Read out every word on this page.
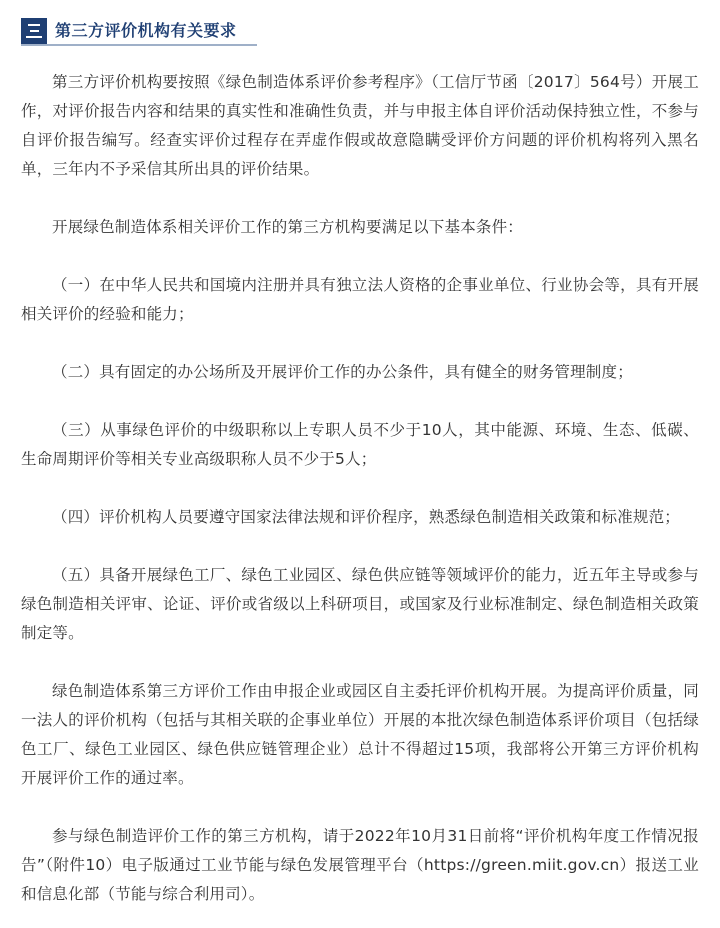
第三方评价机构有关要求

第三方评价机构要按照《绿色制造体系评价参考程序》（工信厅节函〔2017〕564号）开展工作，对评价报告内容和结果的真实性和准确性负责，并与申报主体自评价活动保持独立性，不参与自评价报告编写。经查实评价过程存在弄虚作假或故意隐瞒受评价方问题的评价机构将列入黑名单，三年内不予采信其所出具的评价结果。

开展绿色制造体系相关评价工作的第三方机构要满足以下基本条件：

（一）在中华人民共和国境内注册并具有独立法人资格的企事业单位、行业协会等，具有开展相关评价的经验和能力；

（二）具有固定的办公场所及开展评价工作的办公条件，具有健全的财务管理制度；

（三）从事绿色评价的中级职称以上专职人员不少于10人，其中能源、环境、生态、低碳、生命周期评价等相关专业高级职称人员不少于5人；

（四）评价机构人员要遵守国家法律法规和评价程序，熟悉绿色制造相关政策和标准规范；

（五）具备开展绿色工厂、绿色工业园区、绿色供应链等领域评价的能力，近五年主导或参与绿色制造相关评审、论证、评价或省级以上科研项目，或国家及行业标准制定、绿色制造相关政策制定等。

绿色制造体系第三方评价工作由申报企业或园区自主委托评价机构开展。为提高评价质量，同一法人的评价机构（包括与其相关联的企事业单位）开展的本批次绿色制造体系评价项目（包括绿色工厂、绿色工业园区、绿色供应链管理企业）总计不得超过15项，我部将公开第三方评价机构开展评价工作的通过率。

参与绿色制造评价工作的第三方机构，请于2022年10月31日前将“评价机构年度工作情况报告”（附件10）电子版通过工业节能与绿色发展管理平台（https://green.miit.gov.cn）报送工业和信息化部（节能与综合利用司）。
